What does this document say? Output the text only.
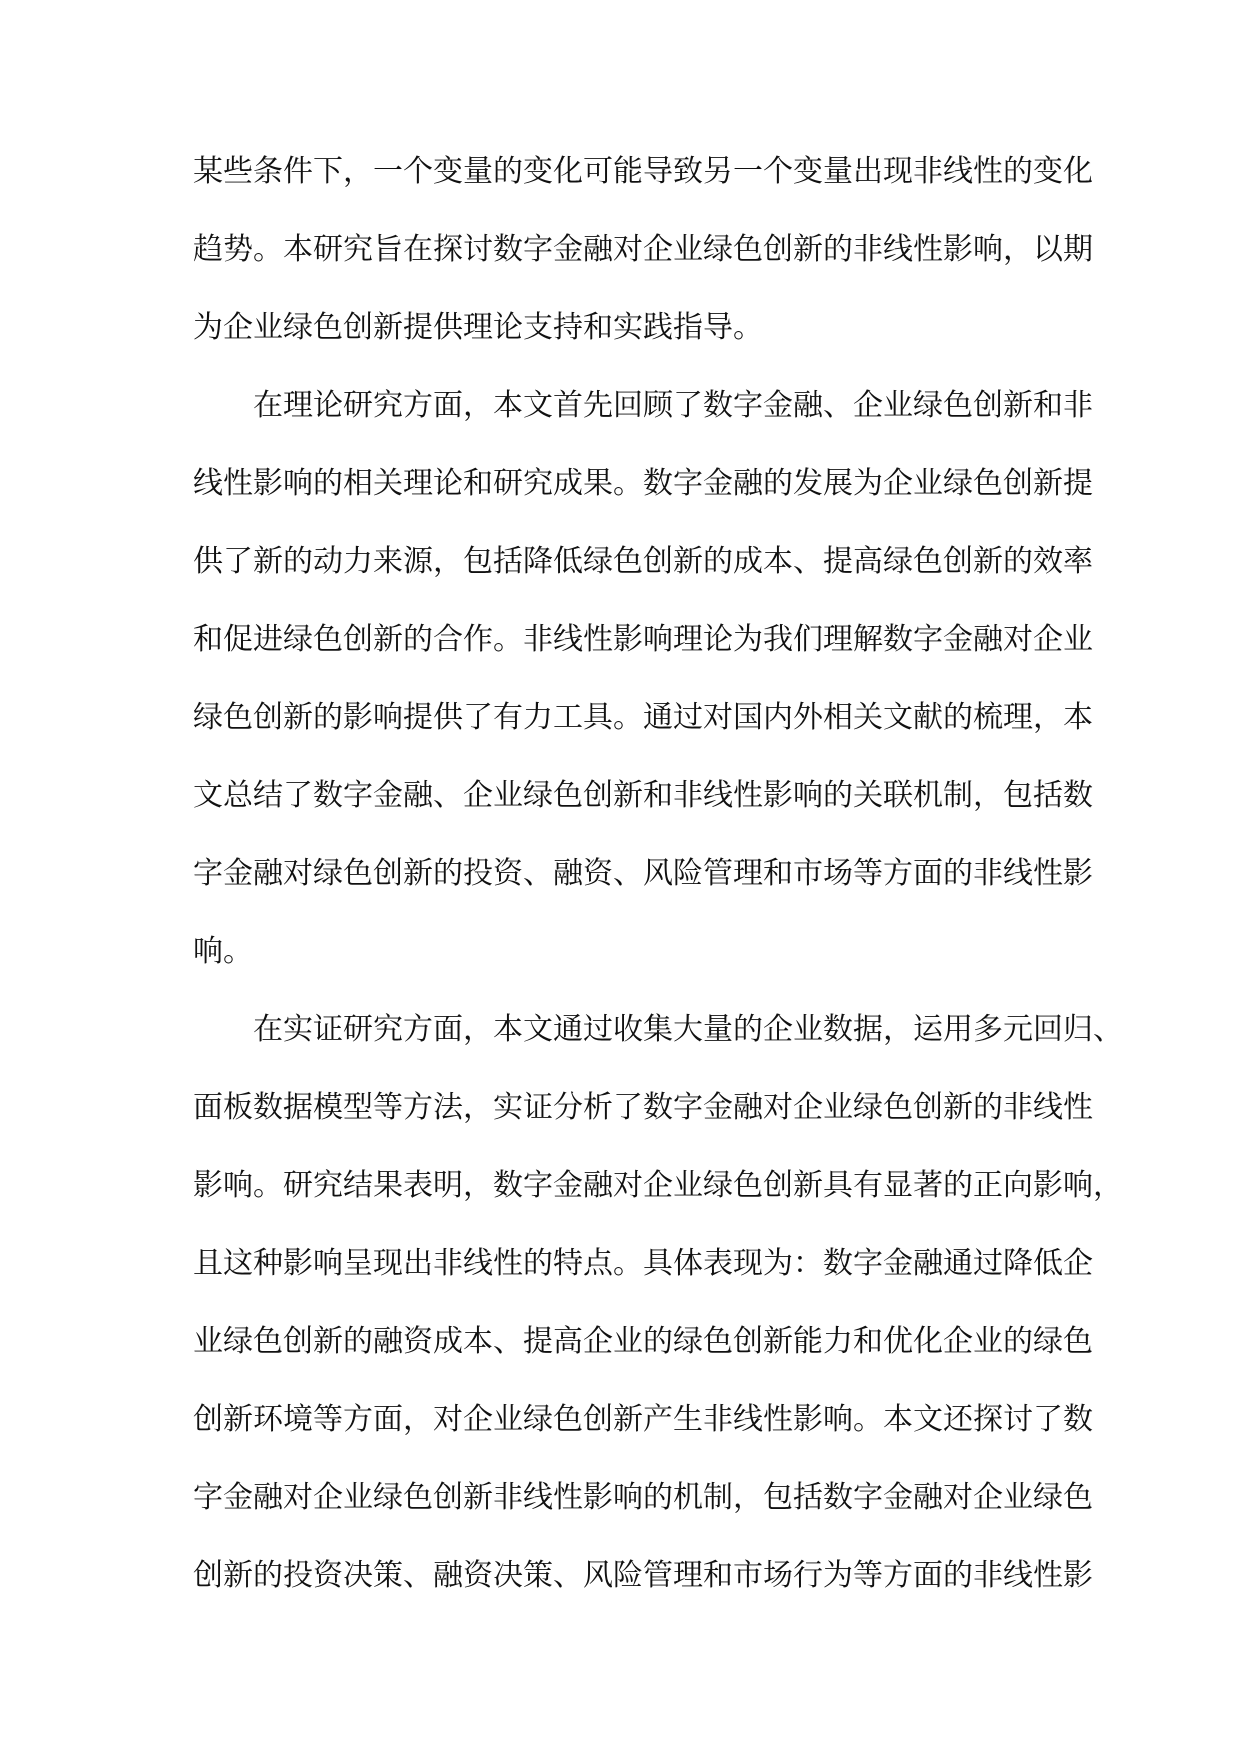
某些条件下，一个变量的变化可能导致另一个变量出现非线性的变化
趋势。本研究旨在探讨数字金融对企业绿色创新的非线性影响，以期
为企业绿色创新提供理论支持和实践指导。
在理论研究方面，本文首先回顾了数字金融、企业绿色创新和非
线性影响的相关理论和研究成果。数字金融的发展为企业绿色创新提
供了新的动力来源，包括降低绿色创新的成本、提高绿色创新的效率
和促进绿色创新的合作。非线性影响理论为我们理解数字金融对企业
绿色创新的影响提供了有力工具。通过对国内外相关文献的梳理，本
文总结了数字金融、企业绿色创新和非线性影响的关联机制，包括数
字金融对绿色创新的投资、融资、风险管理和市场等方面的非线性影
响。
在实证研究方面，本文通过收集大量的企业数据，运用多元回归、
面板数据模型等方法，实证分析了数字金融对企业绿色创新的非线性
影响。研究结果表明，数字金融对企业绿色创新具有显著的正向影响，
且这种影响呈现出非线性的特点。具体表现为：数字金融通过降低企
业绿色创新的融资成本、提高企业的绿色创新能力和优化企业的绿色
创新环境等方面，对企业绿色创新产生非线性影响。本文还探讨了数
字金融对企业绿色创新非线性影响的机制，包括数字金融对企业绿色
创新的投资决策、融资决策、风险管理和市场行为等方面的非线性影
